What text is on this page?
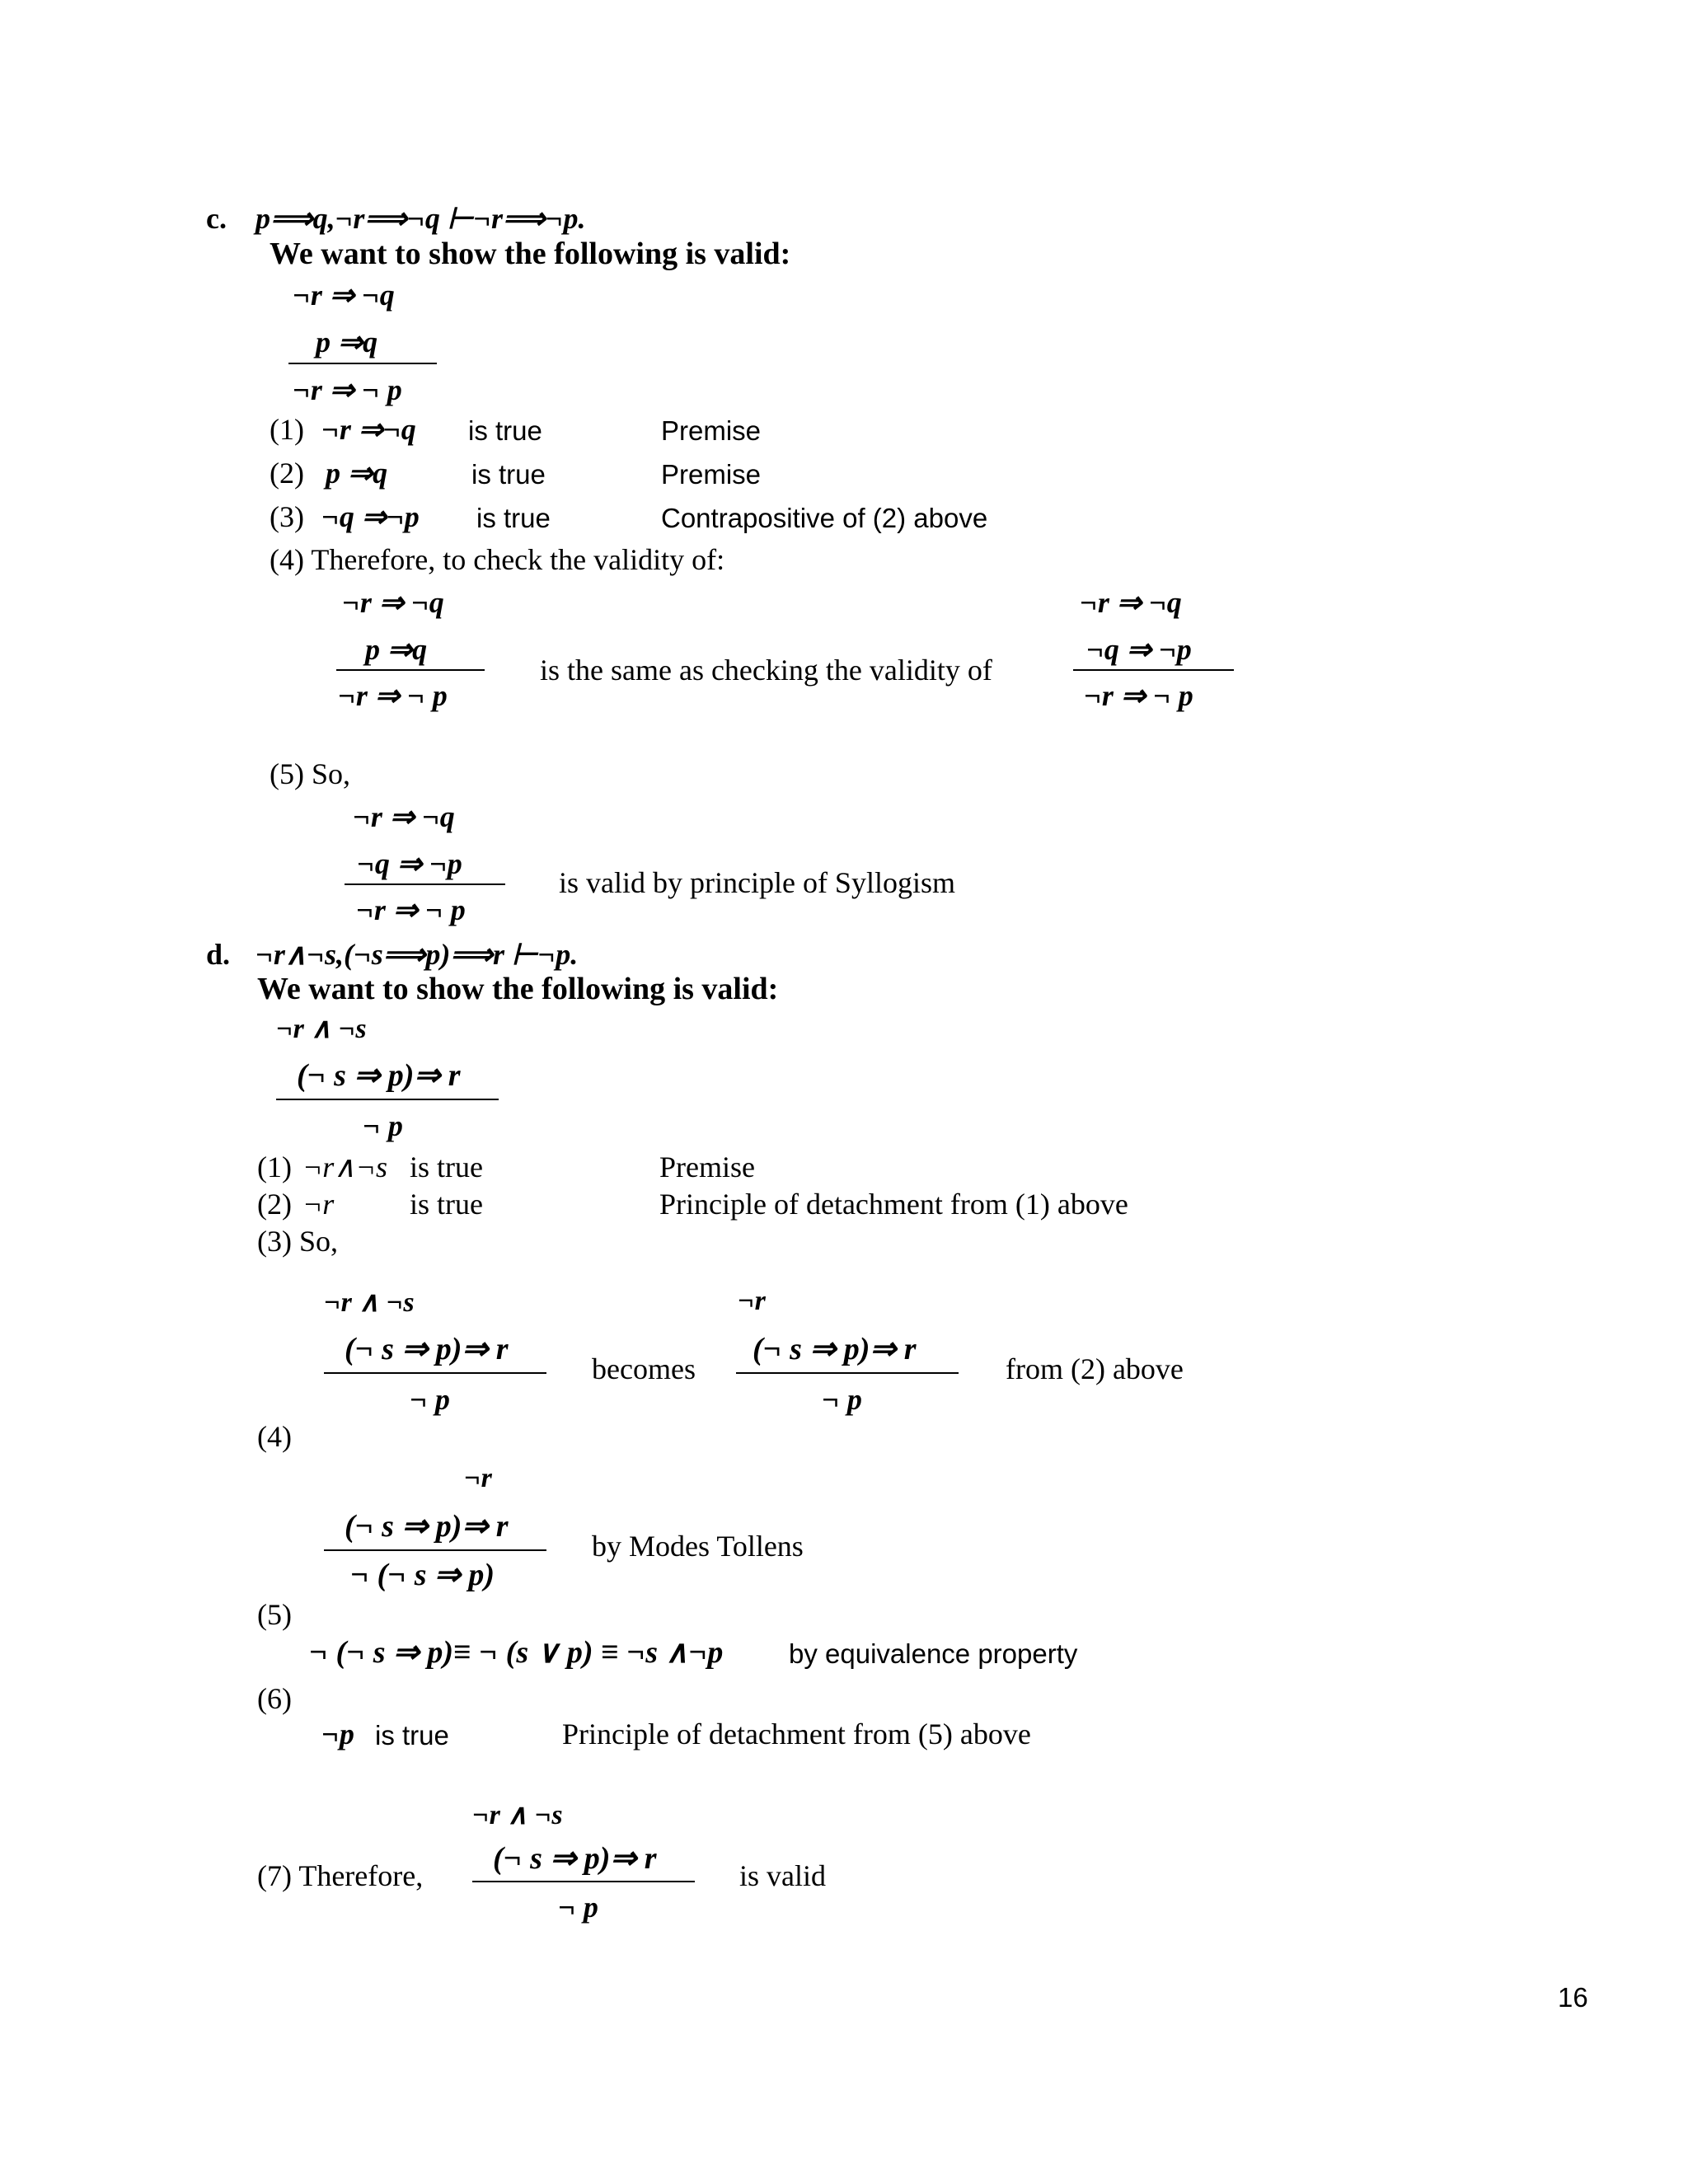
c. p⟹q,¬r⟹¬q ⊢¬r⟹¬p.
We want to show the following is valid:
¬r ⇒ ¬q
p ⇒q
¬r ⇒ ¬ p
(1) ¬r ⇒¬q is true	Premise
(2) p ⇒q	is true	Premise
(3) ¬q ⇒¬p is true	Contrapositive of (2) above
(4) Therefore, to check the validity of:
¬r ⇒ ¬q
p ⇒q
¬r ⇒ ¬ p
is the same as checking the validity of
¬r ⇒ ¬q
¬q ⇒ ¬p
¬r ⇒ ¬ p
(5) So,
¬r ⇒ ¬q
¬q ⇒ ¬p
¬r ⇒ ¬ p
is valid by principle of Syllogism
d. ¬r∧¬s,(¬s⟹p)⟹r ⊢¬p.
We want to show the following is valid:
¬r ∧ ¬s
(¬ s ⇒ p)⇒ r
¬ p
(1) ¬r∧¬s is true	Premise
(2) ¬r	is true	Principle of detachment from (1) above
(3) So,
¬r ∧ ¬s
(¬ s ⇒ p)⇒ r
¬ p
becomes
¬r
(¬ s ⇒ p)⇒ r
¬ p
from (2) above
(4)
¬r
(¬ s ⇒ p)⇒ r
¬ (¬ s ⇒ p)
by Modes Tollens
(5)
¬ (¬ s ⇒ p)≡ ¬ (s ∨ p) ≡ ¬s ∧¬p by equivalence property
(6)
¬p is true	Principle of detachment from (5) above
¬r ∧ ¬s
(7) Therefore, (¬ s ⇒ p)⇒ r
¬ p
is valid
16
